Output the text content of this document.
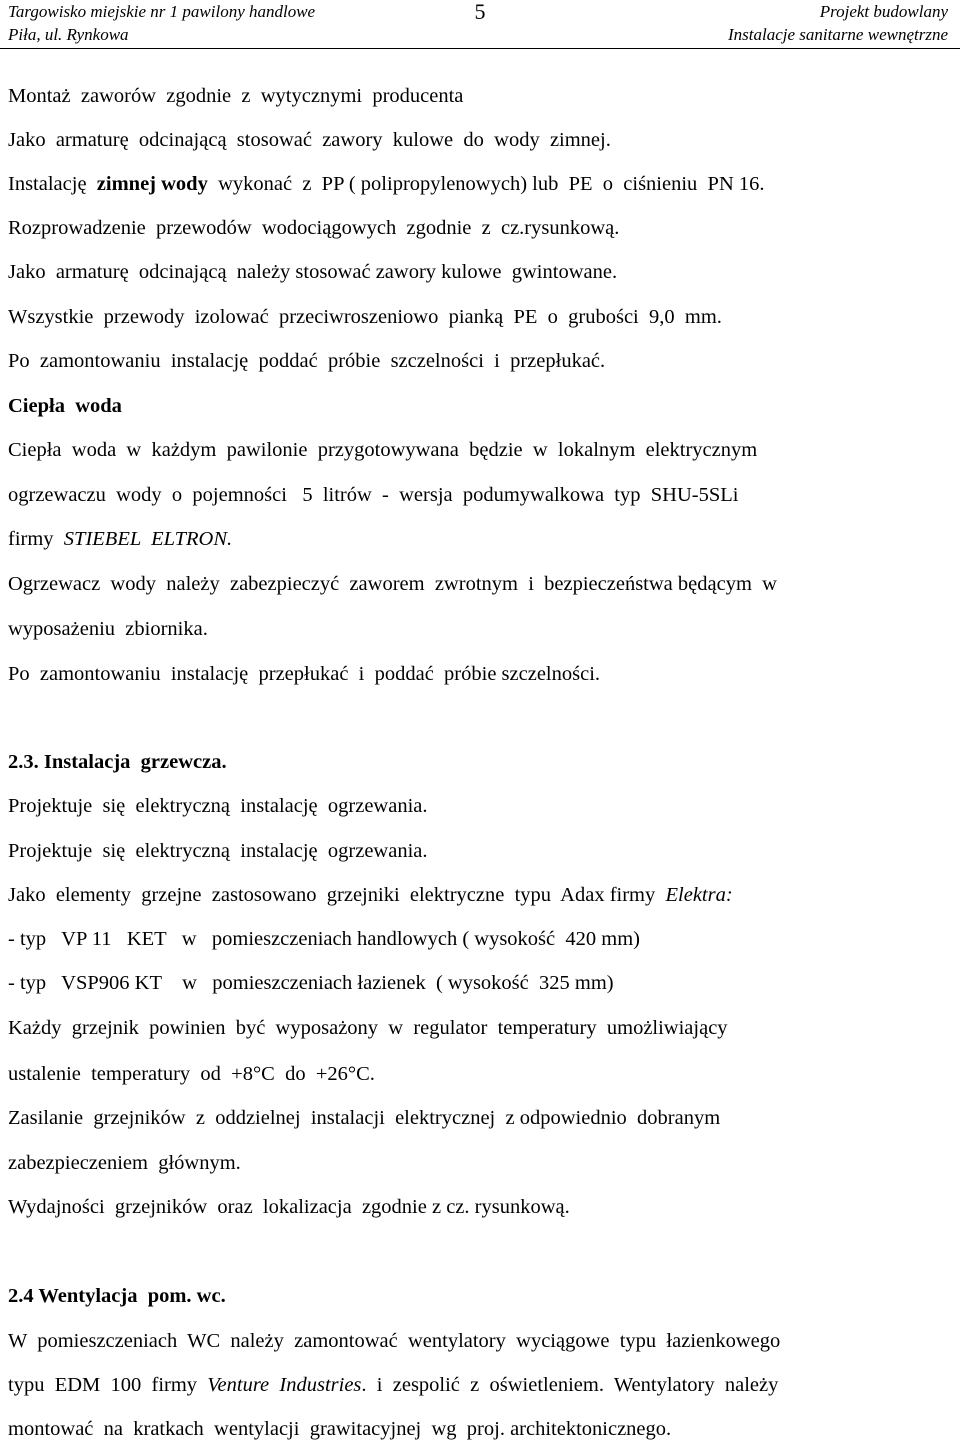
Targowisko miejskie nr 1 pawilony handlowe
Piła, ul. Rynkowa
5	Projekt budowlany
Instalacje sanitarne wewnętrzne
Montaż  zaworów  zgodnie  z  wytycznymi  producenta
Jako  armaturę  odcinającą  stosować  zawory  kulowe  do  wody  zimnej.
Instalację  zimnej wody  wykonać  z  PP ( polipropylenowych) lub  PE  o  ciśnieniu  PN 16.
Rozprowadzenie  przewodów  wodociągowych  zgodnie  z  cz.rysunkową.
Jako  armaturę  odcinającą  należy stosować zawory kulowe  gwintowane.
Wszystkie  przewody  izolować  przeciwroszeniowo  pianką  PE  o  grubości  9,0  mm.
Po  zamontowaniu  instalację  poddać  próbie  szczelności  i  przepłukać.
Ciepła  woda
Ciepła  woda  w  każdym  pawilonie  przygotowywana  będzie  w  lokalnym  elektrycznym
ogrzewaczu  wody  o  pojemności   5  litrów  -  wersja  podumywalkowa  typ  SHU-5SLi
firmy  STIEBEL  ELTRON.
Ogrzewacz  wody  należy  zabezpieczyć  zaworem  zwrotnym  i  bezpieczeństwa będącym  w
wyposażeniu  zbiornika.
Po  zamontowaniu  instalację  przepłukać  i  poddać  próbie szczelności.
2.3. Instalacja  grzewcza.
Projektuje  się  elektryczną  instalację  ogrzewania.
Projektuje  się  elektryczną  instalację  ogrzewania.
Jako  elementy  grzejne  zastosowano  grzejniki  elektryczne  typu  Adax firmy  Elektra:
- typ   VP 11   KET   w   pomieszczeniach handlowych ( wysokość  420 mm)
- typ   VSP906 KT    w   pomieszczeniach łazienek  ( wysokość  325 mm)
Każdy  grzejnik  powinien  być  wyposażony  w  regulator  temperatury  umożliwiający
ustalenie  temperatury  od  +8°C  do  +26°C.
Zasilanie  grzejników  z  oddzielnej  instalacji  elektrycznej  z odpowiednio  dobranym
zabezpieczeniem  głównym.
Wydajności  grzejników  oraz  lokalizacja  zgodnie z cz. rysunkową.
2.4 Wentylacja  pom. wc.
W  pomieszczeniach  WC  należy  zamontować  wentylatory  wyciągowe  typu  łazienkowego
typu  EDM  100  firmy  Venture  Industries.  i  zespolić  z  oświetleniem.  Wentylatory  należy
montować  na  kratkach  wentylacji  grawitacyjnej  wg  proj. architektonicznego.
